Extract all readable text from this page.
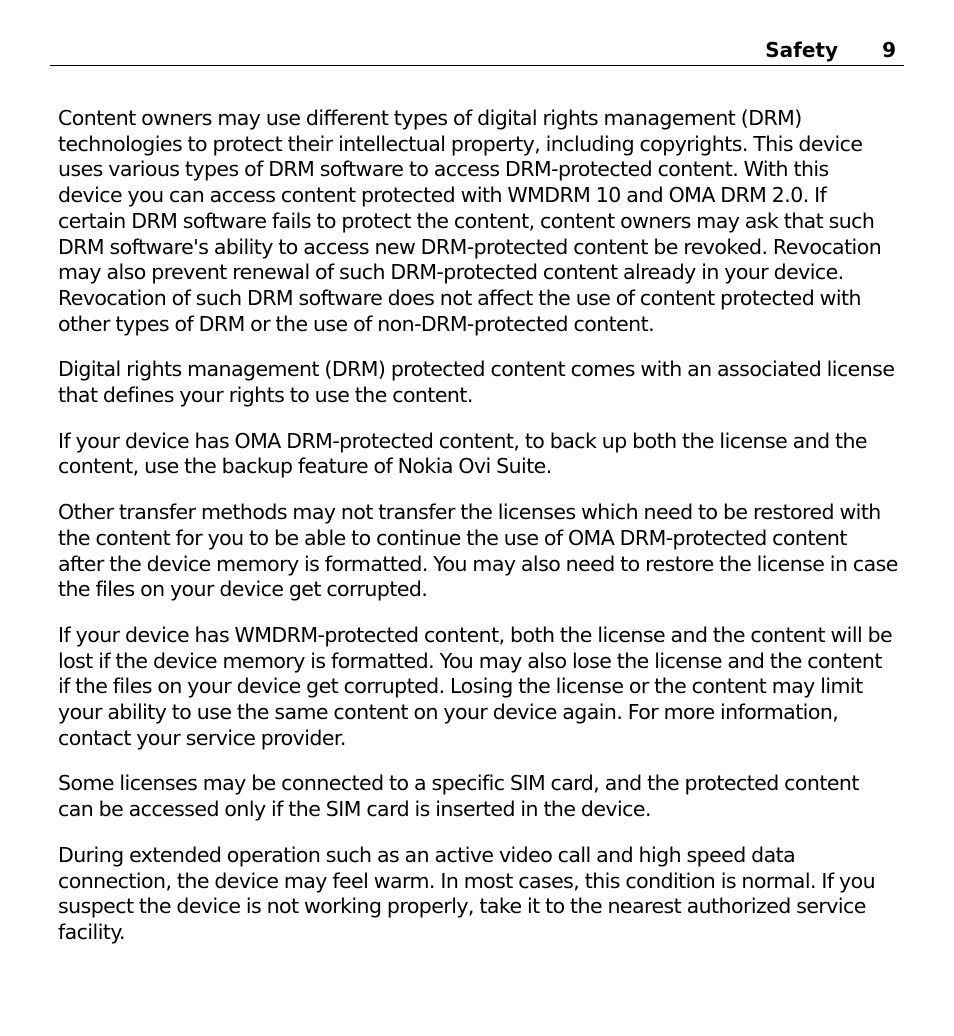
Safety 9

Content owners may use different types of digital rights management (DRM) technologies to protect their intellectual property, including copyrights. This device uses various types of DRM software to access DRM-protected content. With this device you can access content protected with WMDRM 10 and OMA DRM 2.0. If certain DRM software fails to protect the content, content owners may ask that such DRM software's ability to access new DRM-protected content be revoked. Revocation may also prevent renewal of such DRM-protected content already in your device. Revocation of such DRM software does not affect the use of content protected with other types of DRM or the use of non-DRM-protected content.

Digital rights management (DRM) protected content comes with an associated license that defines your rights to use the content.

If your device has OMA DRM-protected content, to back up both the license and the content, use the backup feature of Nokia Ovi Suite.

Other transfer methods may not transfer the licenses which need to be restored with the content for you to be able to continue the use of OMA DRM-protected content after the device memory is formatted. You may also need to restore the license in case the files on your device get corrupted.

If your device has WMDRM-protected content, both the license and the content will be lost if the device memory is formatted. You may also lose the license and the content if the files on your device get corrupted. Losing the license or the content may limit your ability to use the same content on your device again. For more information, contact your service provider.

Some licenses may be connected to a specific SIM card, and the protected content can be accessed only if the SIM card is inserted in the device.

During extended operation such as an active video call and high speed data connection, the device may feel warm. In most cases, this condition is normal. If you suspect the device is not working properly, take it to the nearest authorized service facility.
